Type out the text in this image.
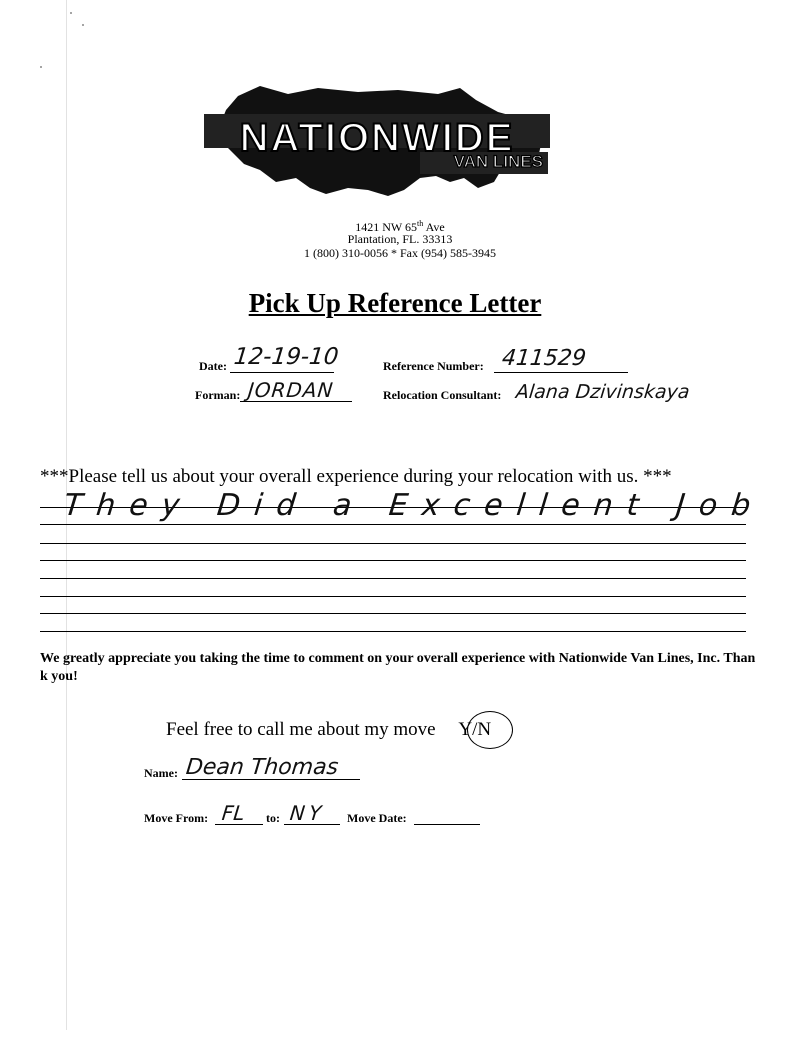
NATIONWIDE
VAN LINES
1421 NW 65th Ave
Plantation, FL. 33313
1 (800) 310-0056 * Fax (954) 585-3945
Pick Up Reference Letter
Date: 12-19-10	Reference Number: 411529
Forman: JORDAN	Relocation Consultant: Alana Dzivinskaya
***Please tell us about your overall experience during your relocation with us. ***
They Did a Excellent Job
We greatly appreciate you taking the time to comment on your overall experience with Nationwide Van Lines, Inc. Than k you!
Feel free to call me about my move Y/N
Name: Dean Thomas
Move From: FL to: NY Move Date:
